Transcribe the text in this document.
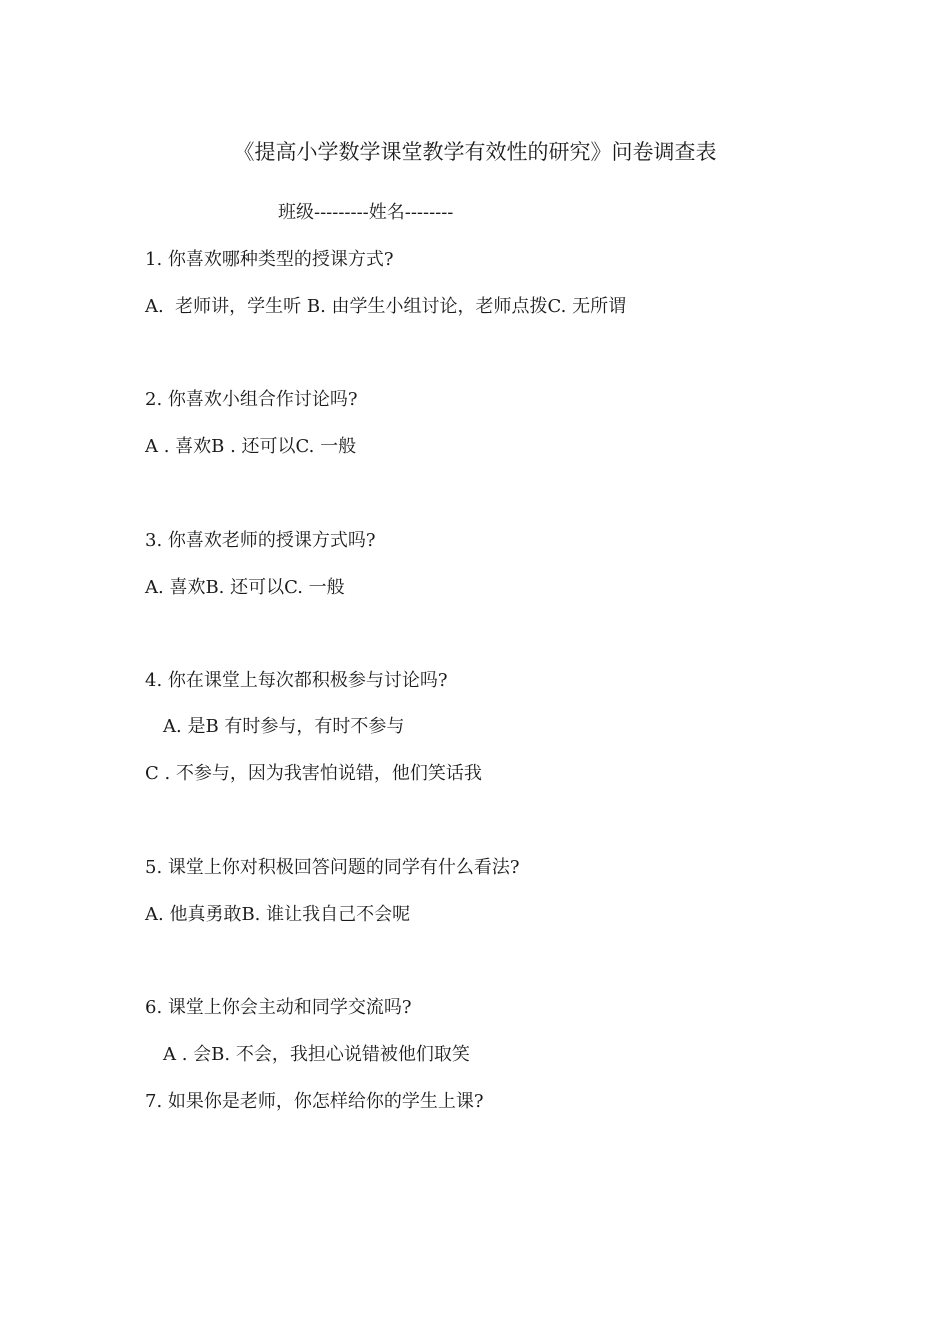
《提高小学数学课堂教学有效性的研究》问卷调查表
班级---------姓名--------
1. 你喜欢哪种类型的授课方式?
A.  老师讲，学生听 B. 由学生小组讨论，老师点拨C. 无所谓
2. 你喜欢小组合作讨论吗?
A . 喜欢B . 还可以C. 一般
3. 你喜欢老师的授课方式吗?
A. 喜欢B. 还可以C. 一般
4. 你在课堂上每次都积极参与讨论吗?
A. 是B 有时参与，有时不参与
C . 不参与，因为我害怕说错，他们笑话我
5. 课堂上你对积极回答问题的同学有什么看法?
A. 他真勇敢B. 谁让我自己不会呢
6. 课堂上你会主动和同学交流吗?
A . 会B. 不会，我担心说错被他们取笑
7. 如果你是老师，你怎样给你的学生上课?
